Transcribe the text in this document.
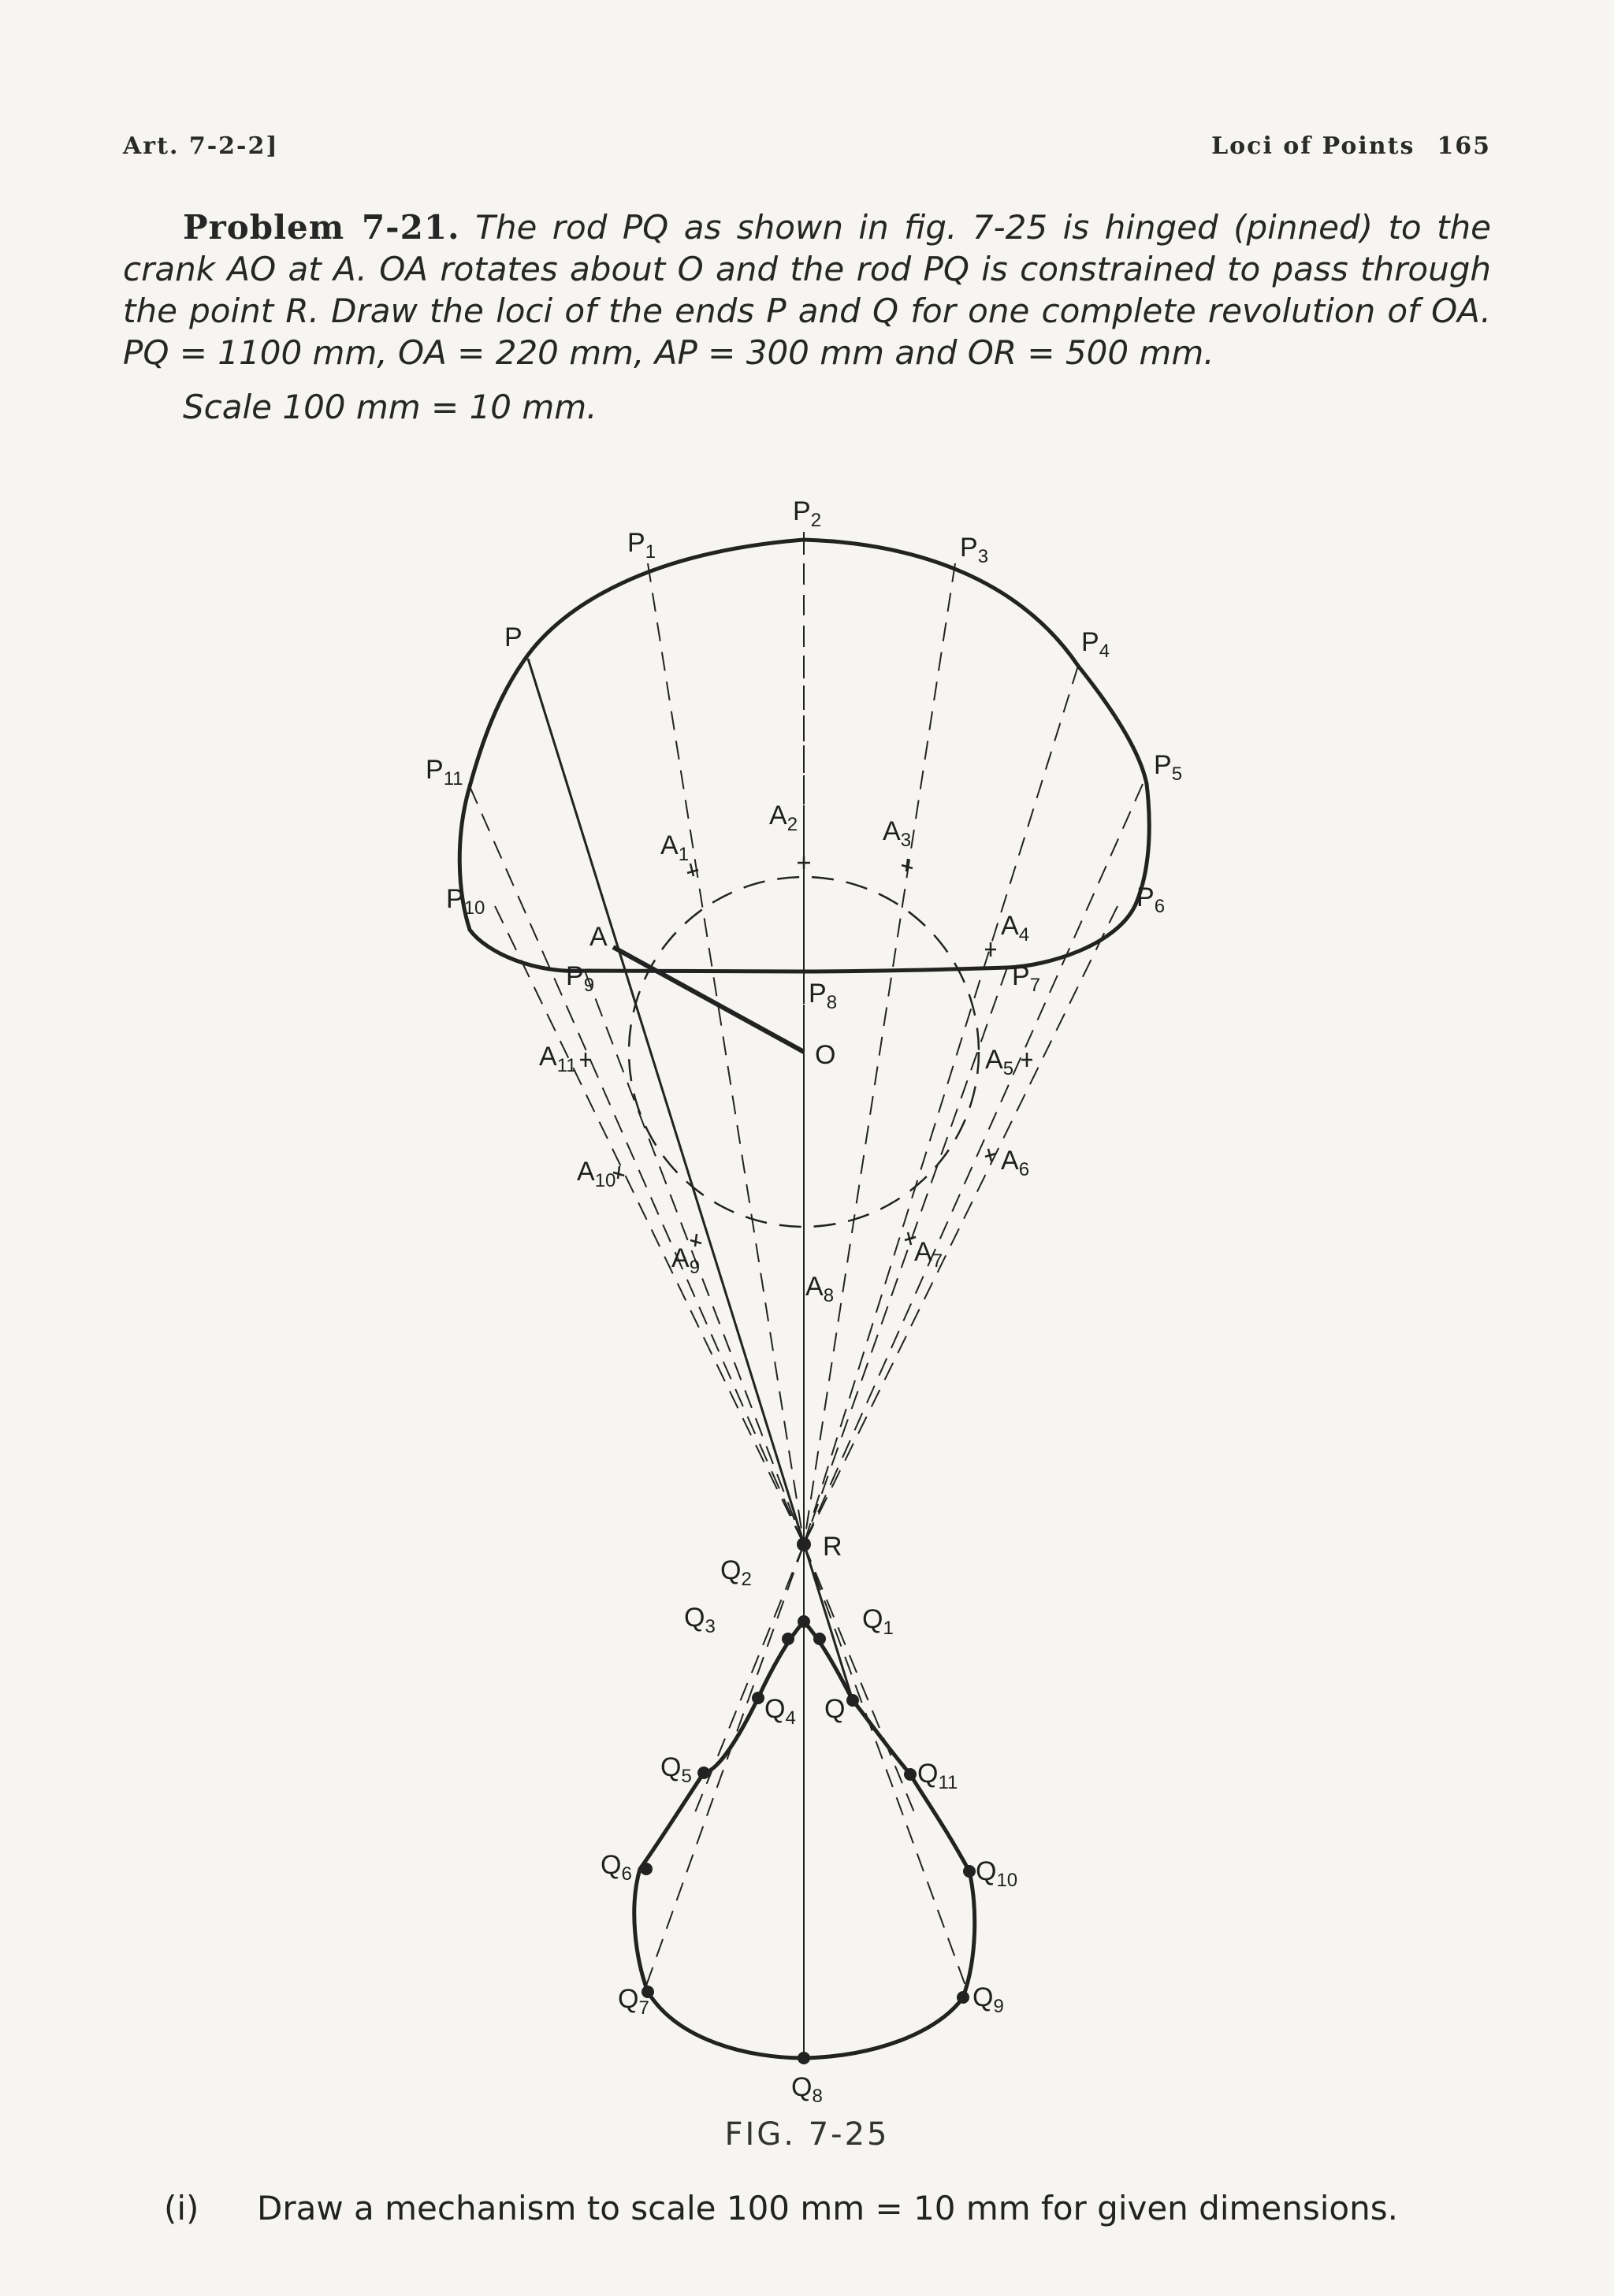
Art. 7-2-2]	Loci of Points 165
Problem 7-21. The rod PQ as shown in fig. 7-25 is hinged (pinned) to the crank AO at A. OA rotates about O and the rod PQ is constrained to pass through the point R. Draw the loci of the ends P and Q for one complete revolution of OA. PQ = 1100 mm, OA = 220 mm, AP = 300 mm and OR = 500 mm.
Scale 100 mm = 10 mm.
P
$P_1$
$P_2$
$P_3$
$P_4$
$P_5$
$P_6$
$P_7$
$P_8$
$P_9$
$P_{10}$
$P_{11}$
A
$A_1$
$A_2$	$A_3$
$A_4$
$A_5$
$A_6$
$A_7$
$A_8$
$A_9$
$A_{10}$
$A_{11}$	O
R
$Q_1$
$Q_2$
$Q_3$
$Q_4$ Q
$Q_5$	$Q_{11}$
$Q_6$	$Q_{10}$
$Q_7$	$Q_9$
$Q_8$
FIG. 7-25
(i) Draw a mechanism to scale 100 mm = 10 mm for given dimensions.
